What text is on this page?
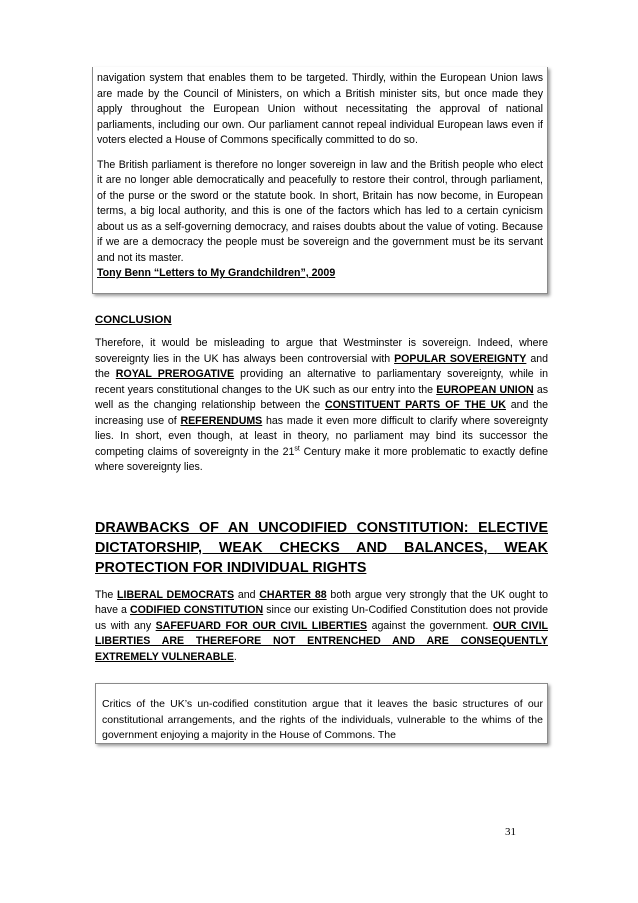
navigation system that enables them to be targeted. Thirdly, within the European Union laws are made by the Council of Ministers, on which a British minister sits, but once made they apply throughout the European Union without necessitating the approval of national parliaments, including our own. Our parliament cannot repeal individual European laws even if voters elected a House of Commons specifically committed to do so.

The British parliament is therefore no longer sovereign in law and the British people who elect it are no longer able democratically and peacefully to restore their control, through parliament, of the purse or the sword or the statute book. In short, Britain has now become, in European terms, a big local authority, and this is one of the factors which has led to a certain cynicism about us as a self-governing democracy, and raises doubts about the value of voting. Because if we are a democracy the people must be sovereign and the government must be its servant and not its master.

Tony Benn “Letters to My Grandchildren”, 2009
CONCLUSION

Therefore, it would be misleading to argue that Westminster is sovereign. Indeed, where sovereignty lies in the UK has always been controversial with POPULAR SOVEREIGNTY and the ROYAL PREROGATIVE providing an alternative to parliamentary sovereignty, while in recent years constitutional changes to the UK such as our entry into the EUROPEAN UNION as well as the changing relationship between the CONSTITUENT PARTS OF THE UK and the increasing use of REFERENDUMS has made it even more difficult to clarify where sovereignty lies. In short, even though, at least in theory, no parliament may bind its successor the competing claims of sovereignty in the 21st Century make it more problematic to exactly define where sovereignty lies.

DRAWBACKS OF AN UNCODIFIED CONSTITUTION: ELECTIVE DICTATORSHIP, WEAK CHECKS AND BALANCES, WEAK PROTECTION FOR INDIVIDUAL RIGHTS

The LIBERAL DEMOCRATS and CHARTER 88 both argue very strongly that the UK ought to have a CODIFIED CONSTITUTION since our existing Un-Codified Constitution does not provide us with any SAFEFUARD FOR OUR CIVIL LIBERTIES against the government. OUR CIVIL LIBERTIES ARE THEREFORE NOT ENTRENCHED AND ARE CONSEQUENTLY EXTREMELY VULNERABLE.

Critics of the UK’s un-codified constitution argue that it leaves the basic structures of our constitutional arrangements, and the rights of the individuals, vulnerable to the whims of the government enjoying a majority in the House of Commons. The

31
